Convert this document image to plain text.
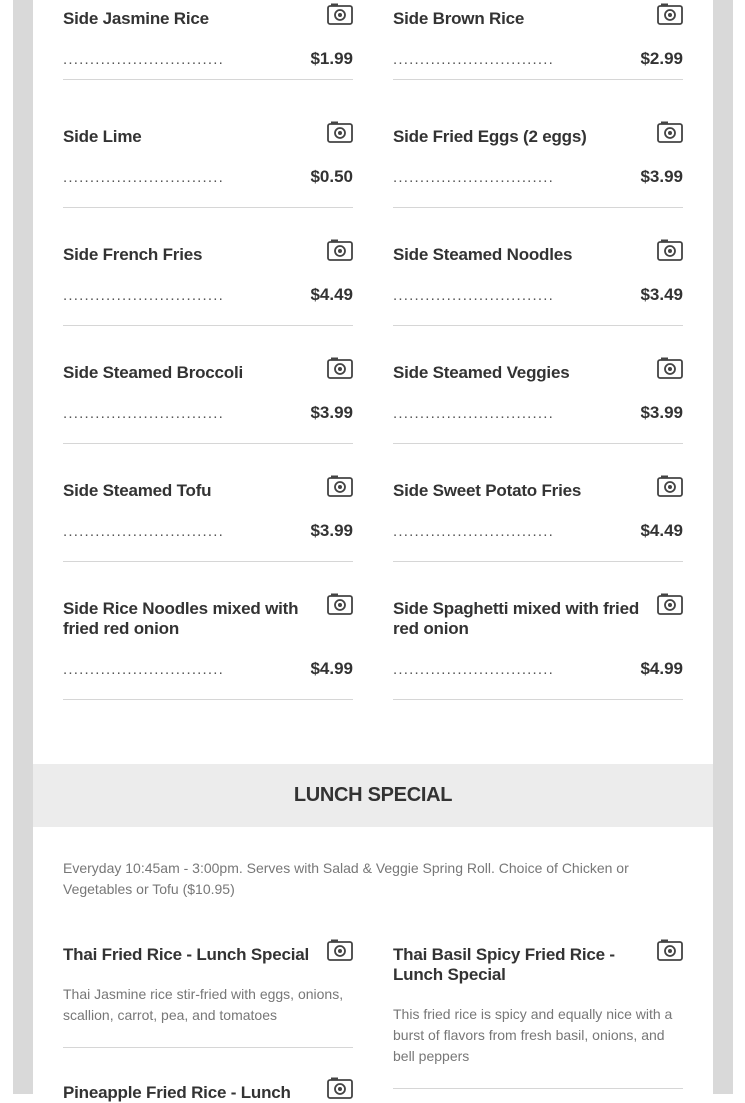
Side Jasmine Rice
..............................	$1.99
Side Brown Rice
..............................	$2.99
Side Lime
..............................	$0.50
Side Fried Eggs (2 eggs)
..............................	$3.99
Side French Fries
..............................	$4.49
Side Steamed Noodles
..............................	$3.49
Side Steamed Broccoli
..............................	$3.99
Side Steamed Veggies
..............................	$3.99
Side Steamed Tofu
..............................	$3.99
Side Sweet Potato Fries
..............................	$4.49
Side Rice Noodles mixed with fried red onion
..............................	$4.99
Side Spaghetti mixed with fried red onion
..............................	$4.99
LUNCH SPECIAL
Everyday 10:45am - 3:00pm. Serves with Salad & Veggie Spring Roll. Choice of Chicken or Vegetables or Tofu ($10.95)
Thai Fried Rice - Lunch Special
Thai Jasmine rice stir-fried with eggs, onions, scallion, carrot, pea, and tomatoes
Thai Basil Spicy Fried Rice - Lunch Special
This fried rice is spicy and equally nice with a burst of flavors from fresh basil, onions, and bell peppers
Pineapple Fried Rice - Lunch
